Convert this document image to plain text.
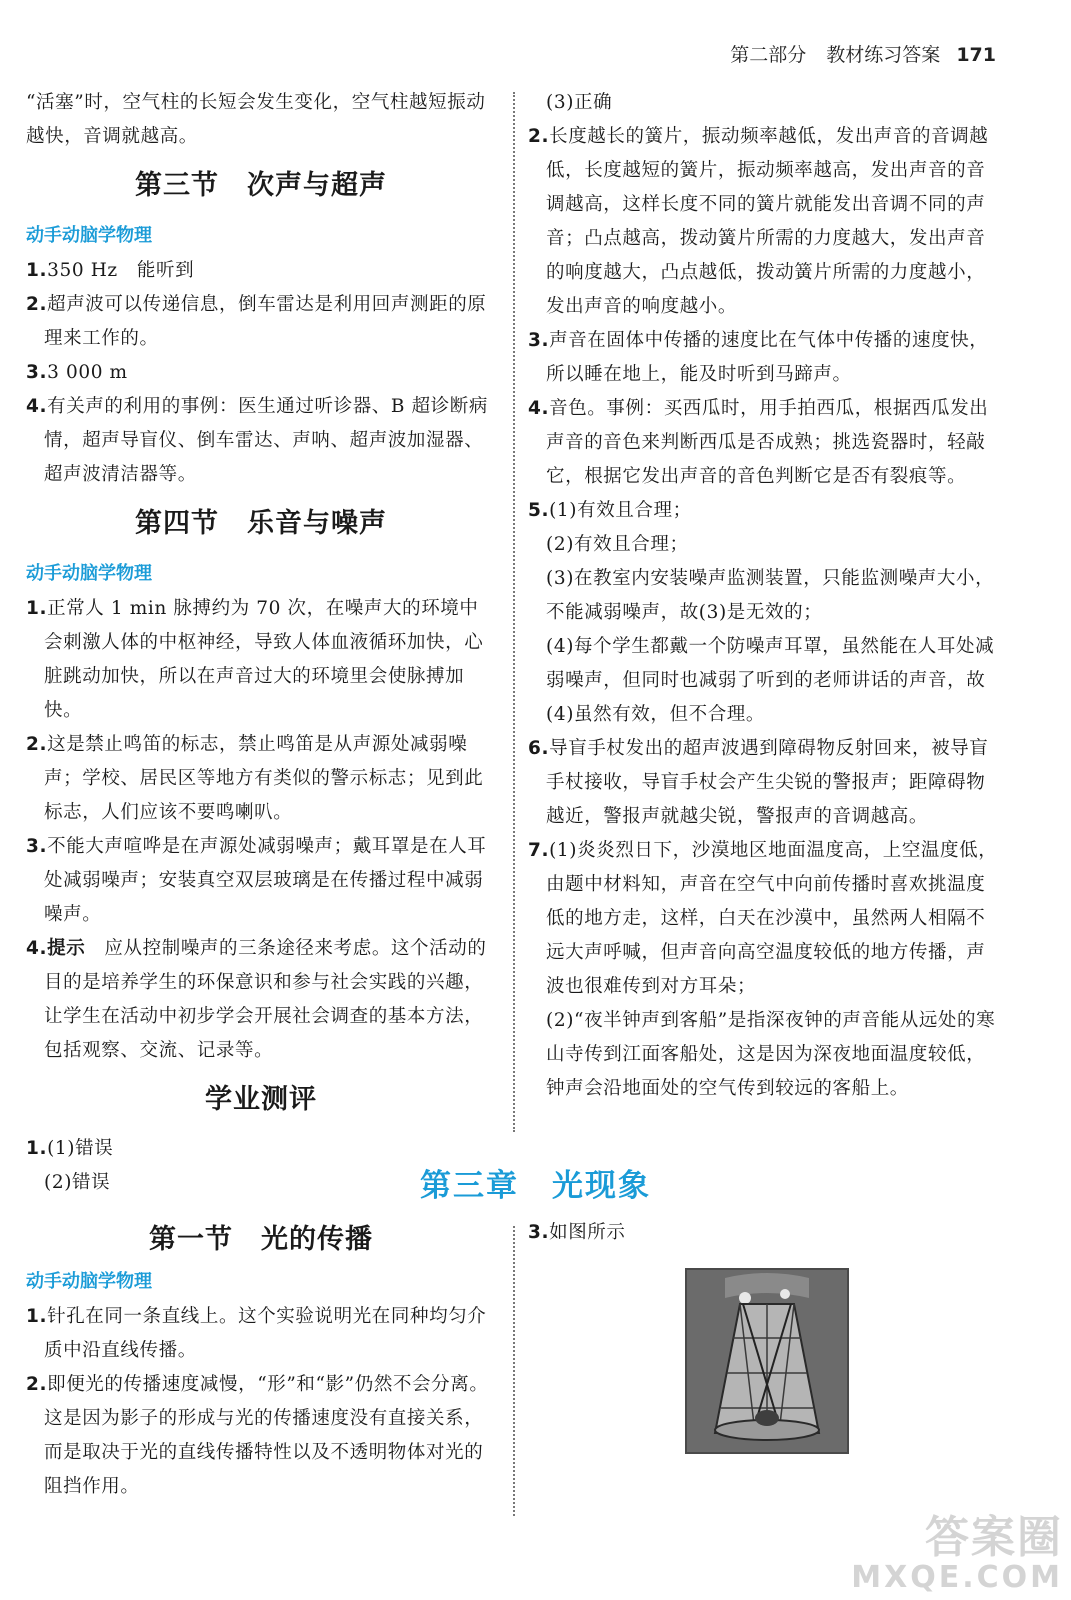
第二部分 教材练习答案 171
“活塞”时，空气柱的长短会发生变化，空气柱越短振动越快，音调就越高。
第三节　次声与超声
动手动脑学物理
1.350 Hz　能听到
2.超声波可以传递信息，倒车雷达是利用回声测距的原理来工作的。
3.3 000 m
4.有关声的利用的事例：医生通过听诊器、B 超诊断病情，超声导盲仪、倒车雷达、声呐、超声波加湿器、超声波清洁器等。
第四节　乐音与噪声
动手动脑学物理
1.正常人 1 min 脉搏约为 70 次，在噪声大的环境中会刺激人体的中枢神经，导致人体血液循环加快，心脏跳动加快，所以在声音过大的环境里会使脉搏加快。
2.这是禁止鸣笛的标志，禁止鸣笛是从声源处减弱噪声；学校、居民区等地方有类似的警示标志；见到此标志，人们应该不要鸣喇叭。
3.不能大声喧哗是在声源处减弱噪声；戴耳罩是在人耳处减弱噪声；安装真空双层玻璃是在传播过程中减弱噪声。
4.提示　应从控制噪声的三条途径来考虑。这个活动的目的是培养学生的环保意识和参与社会实践的兴趣，让学生在活动中初步学会开展社会调查的基本方法，包括观察、交流、记录等。
学业测评
1.(1)错误
(2)错误
(3)正确
2.长度越长的簧片，振动频率越低，发出声音的音调越低，长度越短的簧片，振动频率越高，发出声音的音调越高，这样长度不同的簧片就能发出音调不同的声音；凸点越高，拨动簧片所需的力度越大，发出声音的响度越大，凸点越低，拨动簧片所需的力度越小，发出声音的响度越小。
3.声音在固体中传播的速度比在气体中传播的速度快，所以睡在地上，能及时听到马蹄声。
4.音色。事例：买西瓜时，用手拍西瓜，根据西瓜发出声音的音色来判断西瓜是否成熟；挑选瓷器时，轻敲它，根据它发出声音的音色判断它是否有裂痕等。
5.(1)有效且合理；
(2)有效且合理；
(3)在教室内安装噪声监测装置，只能监测噪声大小，不能减弱噪声，故(3)是无效的；
(4)每个学生都戴一个防噪声耳罩，虽然能在人耳处减弱噪声，但同时也减弱了听到的老师讲话的声音，故(4)虽然有效，但不合理。
6.导盲手杖发出的超声波遇到障碍物反射回来，被导盲手杖接收，导盲手杖会产生尖锐的警报声；距障碍物越近，警报声就越尖锐，警报声的音调越高。
7.(1)炎炎烈日下，沙漠地区地面温度高，上空温度低，由题中材料知，声音在空气中向前传播时喜欢挑温度低的地方走，这样，白天在沙漠中，虽然两人相隔不远大声呼喊，但声音向高空温度较低的地方传播，声波也很难传到对方耳朵；
(2)“夜半钟声到客船”是指深夜钟的声音能从远处的寒山寺传到江面客船处，这是因为深夜地面温度较低，钟声会沿地面处的空气传到较远的客船上。
第三章　光现象
第一节　光的传播
动手动脑学物理
1.针孔在同一条直线上。这个实验说明光在同种均匀介质中沿直线传播。
2.即便光的传播速度减慢，“形”和“影”仍然不会分离。这是因为影子的形成与光的传播速度没有直接关系，而是取决于光的直线传播特性以及不透明物体对光的阻挡作用。
3.如图所示
答案圈
MXQE.COM
